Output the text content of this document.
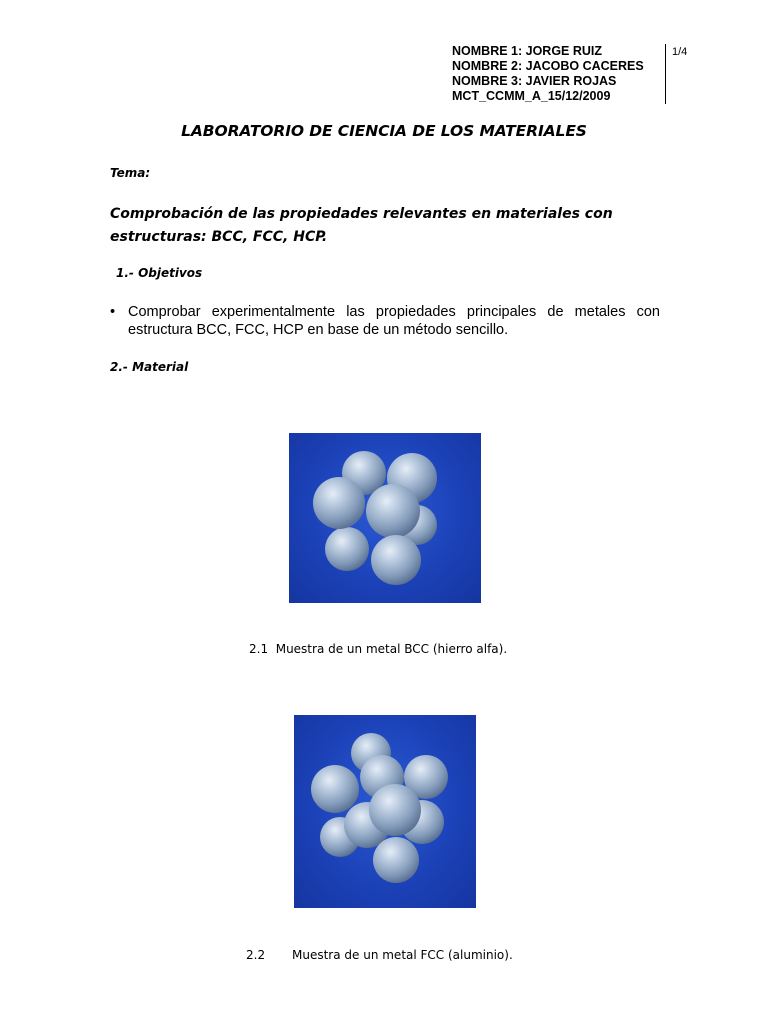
NOMBRE 1: JORGE RUIZ
NOMBRE 2: JACOBO CACERES
NOMBRE 3: JAVIER ROJAS
MCT_CCMM_A_15/12/2009
1/4
LABORATORIO DE CIENCIA DE LOS MATERIALES
Tema:
Comprobación de las propiedades relevantes en materiales con estructuras: BCC, FCC, HCP.
1.- Objetivos
• Comprobar experimentalmente las propiedades principales de metales con estructura BCC, FCC, HCP en base de un método sencillo.
2.- Material
2.1  Muestra de un metal BCC (hierro alfa).
2.2 Muestra de un metal FCC (aluminio).
